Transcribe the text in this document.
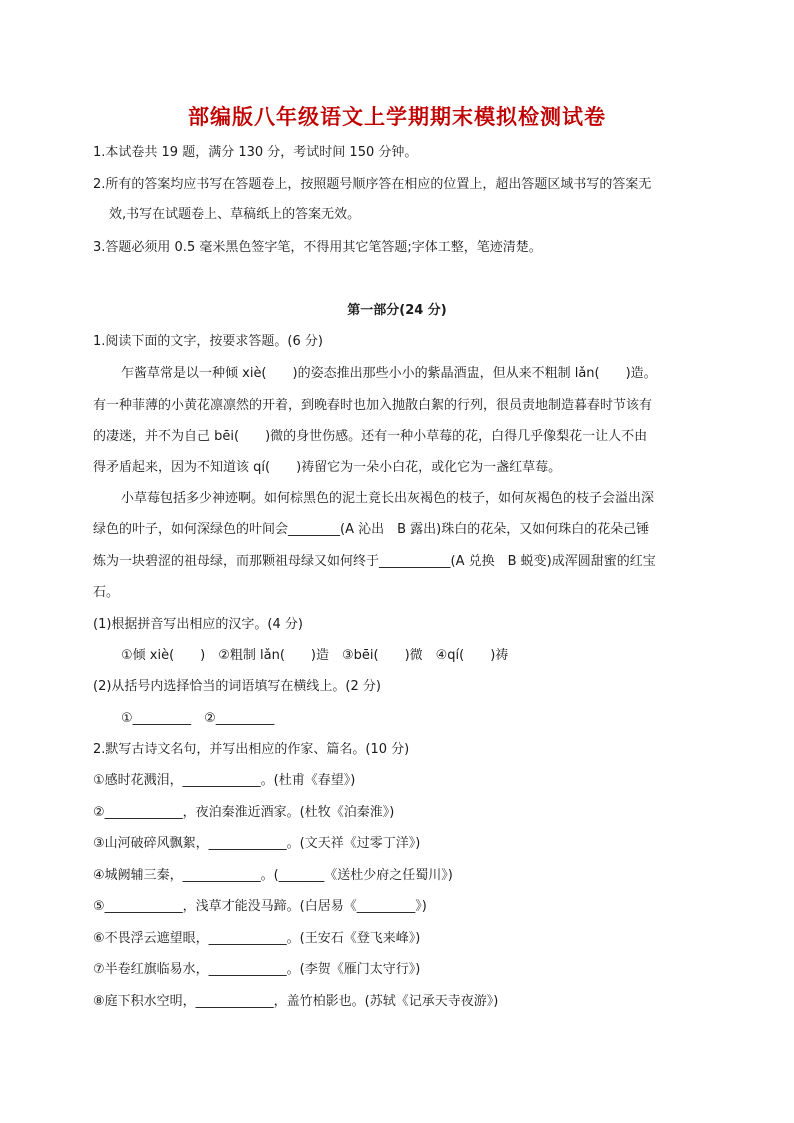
部编版八年级语文上学期期末模拟检测试卷
1.本试卷共 19 题，满分 130 分，考试时间 150 分钟。
2.所有的答案均应书写在答题卷上，按照题号顺序答在相应的位置上，超出答题区域书写的答案无
效,书写在试题卷上、草稿纸上的答案无效。
3.答题必须用 0.5 毫米黑色签字笔，不得用其它笔答题;字体工整，笔迹清楚。
第一部分(24 分)
1.阅读下面的文字，按要求答题。(6 分)
乍酱草常是以一种倾 xiè(　　)的姿态推出那些小小的紫晶酒盅，但从来不粗制 lǎn(　　)造。
有一种菲薄的小黄花凛凛然的开着，到晚春时也加入抛散白絮的行列，很员责地制造暮春时节该有
的凄迷，并不为自己 bēi(　　)微的身世伤感。还有一种小草莓的花，白得几乎像梨花一让人不由
得矛盾起来，因为不知道该 qí(　　)祷留它为一朵小白花，或化它为一盏红草莓。
小草莓包括多少神迹啊。如何棕黑色的泥土竟长出灰褐色的枝子，如何灰褐色的枝子会溢出深
绿色的叶子，如何深绿色的叶间会________(A 沁出　B 露出)珠白的花朵，又如何珠白的花朵己锤
炼为一块碧涩的祖母绿，而那颗祖母绿又如何终于___________(A 兑换　B 蜕变)成浑圆甜蜜的红宝
石。
(1)根据拼音写出相应的汉字。(4 分)
①倾 xiè(　　)　②粗制 lǎn(　　)造　③bēi(　　)微　④qí(　　)祷
(2)从括号内选择恰当的词语填写在横线上。(2 分)
①_________　②_________
2.默写古诗文名句，并写出相应的作家、篇名。(10 分)
①感时花溅泪，____________。(杜甫《春望》)
②____________，夜泊秦淮近酒家。(杜牧《泊秦淮》)
③山河破碎风飘絮，____________。(文天祥《过零丁洋》)
④城阙辅三秦，____________。(_______《送杜少府之任蜀川》)
⑤____________，浅草才能没马蹄。(白居易《_________》)
⑥不畏浮云遮望眼，____________。(王安石《登飞来峰》)
⑦半卷红旗临易水，____________。(李贺《雁门太守行》)
⑧庭下积水空明，____________，盖竹柏影也。(苏轼《记承天寺夜游》)
